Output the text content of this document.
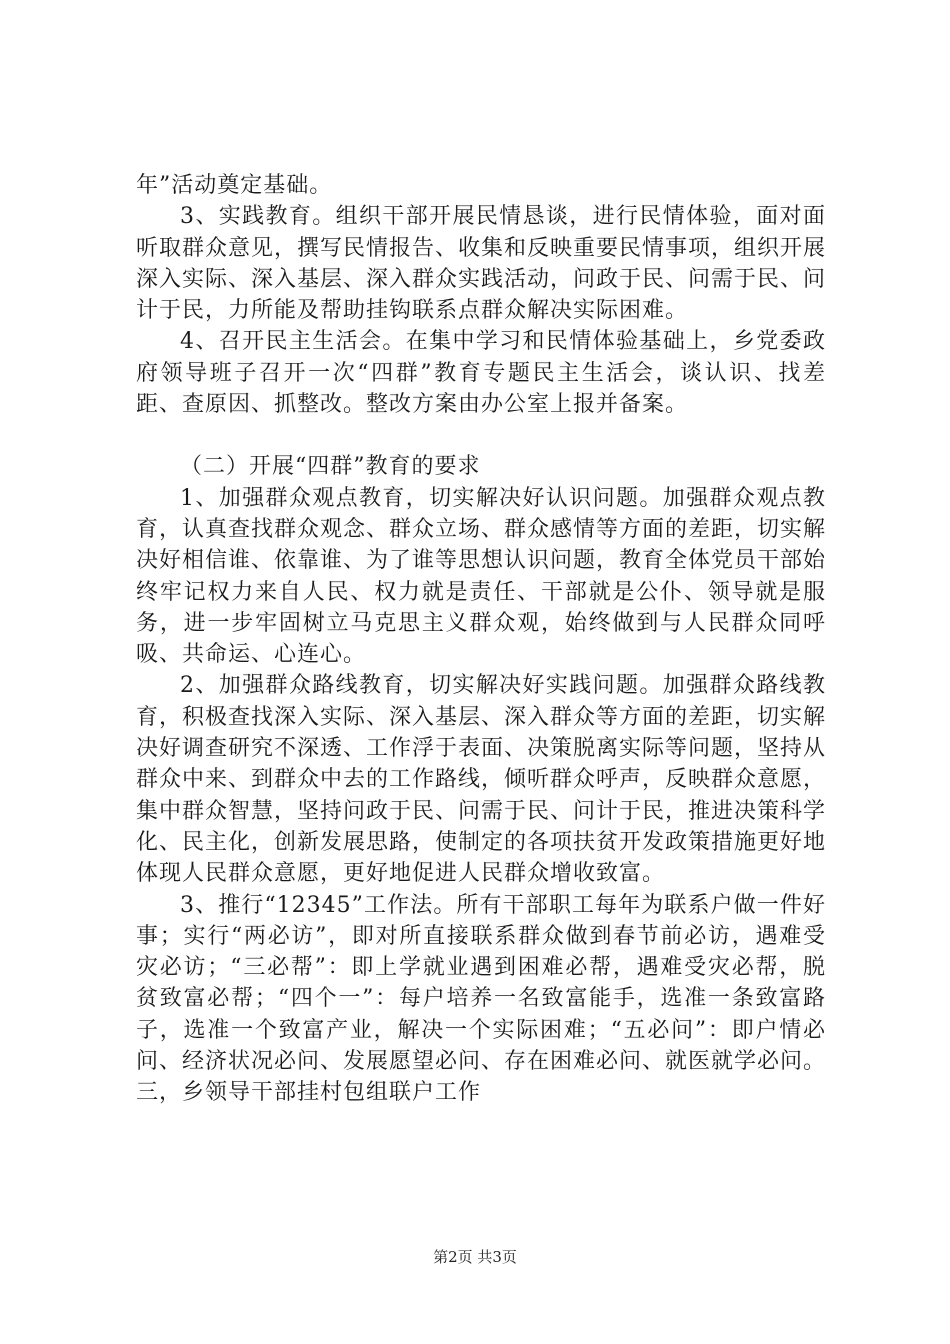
年”活动奠定基础。

3、实践教育。组织干部开展民情恳谈，进行民情体验，面对面听取群众意见，撰写民情报告、收集和反映重要民情事项，组织开展深入实际、深入基层、深入群众实践活动，问政于民、问需于民、问计于民，力所能及帮助挂钩联系点群众解决实际困难。

4、召开民主生活会。在集中学习和民情体验基础上，乡党委政府领导班子召开一次“四群”教育专题民主生活会，谈认识、找差距、查原因、抓整改。整改方案由办公室上报并备案。

（二）开展“四群”教育的要求

1、加强群众观点教育，切实解决好认识问题。加强群众观点教育，认真查找群众观念、群众立场、群众感情等方面的差距，切实解决好相信谁、依靠谁、为了谁等思想认识问题，教育全体党员干部始终牢记权力来自人民、权力就是责任、干部就是公仆、领导就是服务，进一步牢固树立马克思主义群众观，始终做到与人民群众同呼吸、共命运、心连心。

2、加强群众路线教育，切实解决好实践问题。加强群众路线教育，积极查找深入实际、深入基层、深入群众等方面的差距，切实解决好调查研究不深透、工作浮于表面、决策脱离实际等问题，坚持从群众中来、到群众中去的工作路线，倾听群众呼声，反映群众意愿，集中群众智慧，坚持问政于民、问需于民、问计于民，推进决策科学化、民主化，创新发展思路，使制定的各项扶贫开发政策措施更好地体现人民群众意愿，更好地促进人民群众增收致富。

3、推行“12345”工作法。所有干部职工每年为联系户做一件好事；实行“两必访”，即对所直接联系群众做到春节前必访，遇难受灾必访；“三必帮”：即上学就业遇到困难必帮，遇难受灾必帮，脱贫致富必帮；“四个一”：每户培养一名致富能手，选准一条致富路子，选准一个致富产业，解决一个实际困难；“五必问”：即户情必问、经济状况必问、发展愿望必问、存在困难必问、就医就学必问。三，乡领导干部挂村包组联户工作

第2页 共3页
